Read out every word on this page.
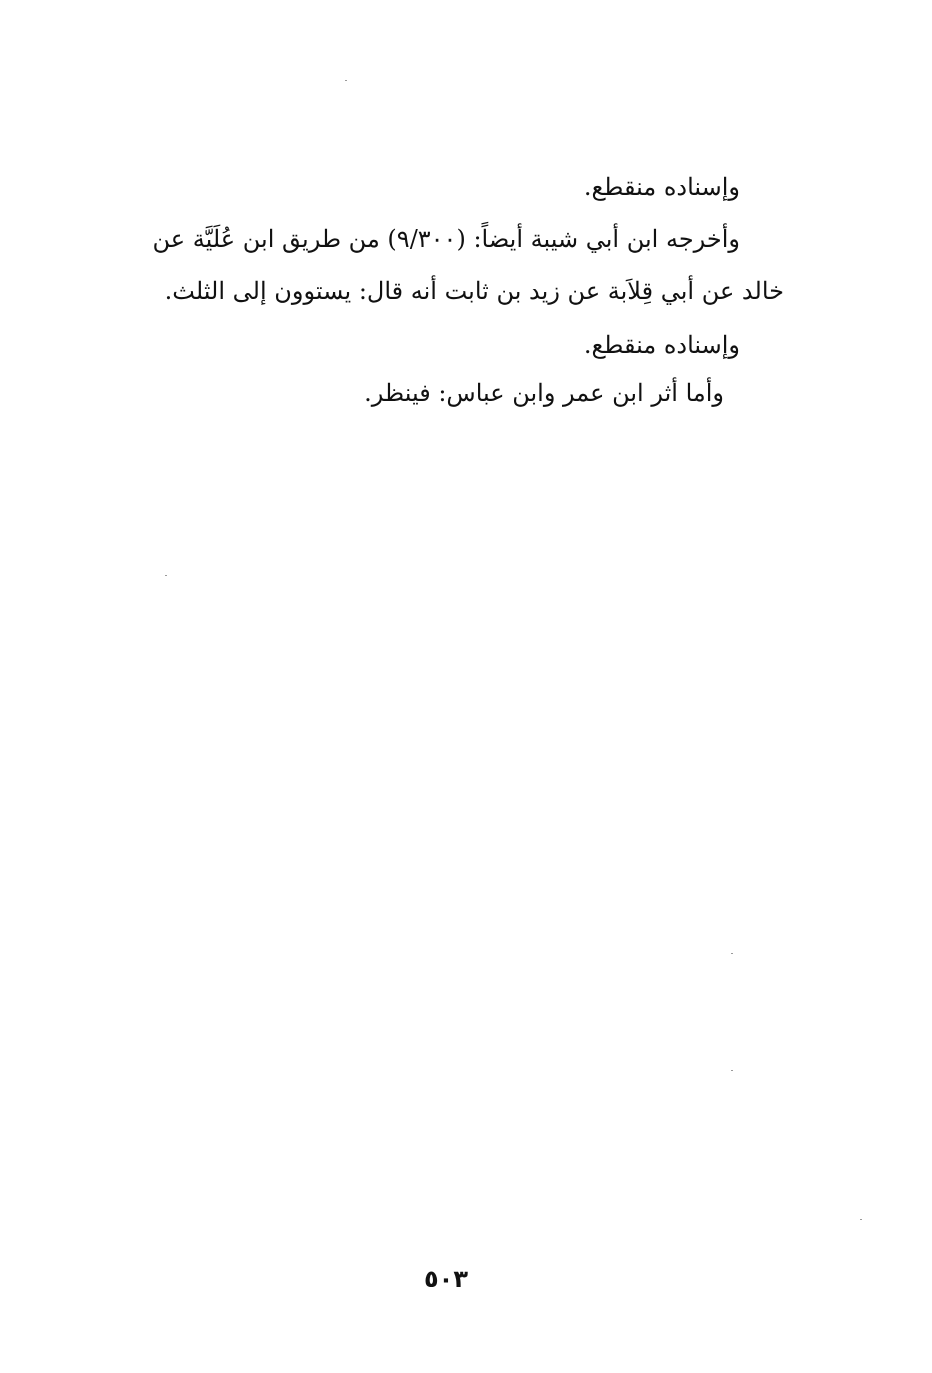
وإسناده منقطع.

وأخرجه ابن أبي شيبة أيضاً: (٩/٣٠٠) من طريق ابن عُلَيَّة عن

خالد عن أبي قِلاَبة عن زيد بن ثابت أنه قال: يستوون إلى الثلث.

وإسناده منقطع.

وأما أثر ابن عمر وابن عباس: فينظر.

٥٠٣
